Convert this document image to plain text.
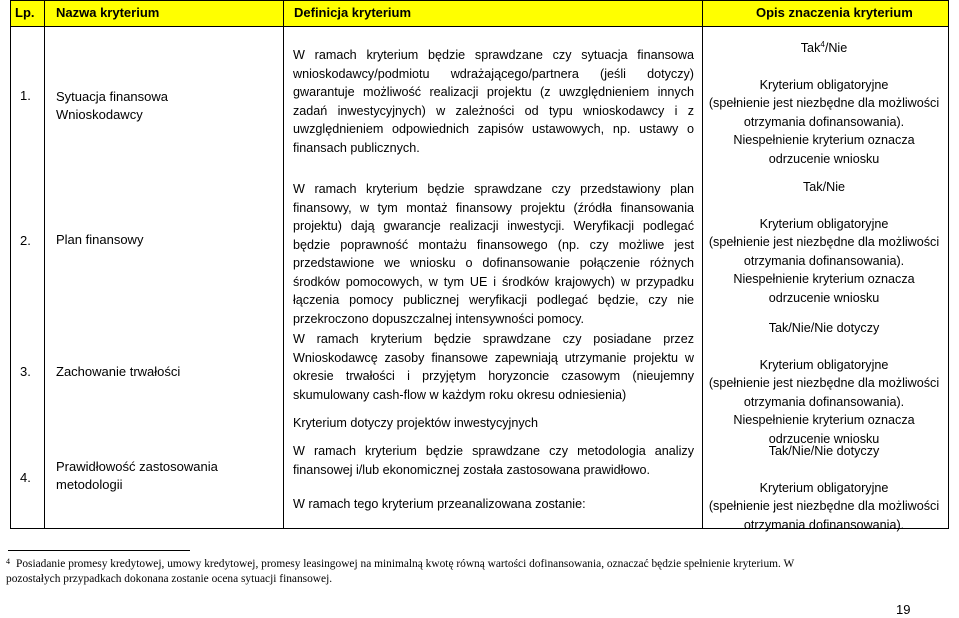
Lp. Nazwa kryterium	Definicja kryterium	Opis znaczenia kryterium
1. Sytuacja finansowa
Wnioskodawcy

W ramach kryterium będzie sprawdzane czy sytuacja finansowa

wnioskodawcy/podmiotu wdrażającego/partnera (jeśli dotyczy)

gwarantuje możliwość realizacji projektu (z uwzględnieniem innych

zadań inwestycyjnych) w zależności od typu wnioskodawcy i z

uwzględnieniem odpowiednich zapisów ustawowych, np. ustawy o

finansach publicznych.

Tak$^4$/Nie

Kryterium obligatoryjne

(spełnienie jest niezbędne dla możliwości

otrzymania dofinansowania).

Niespełnienie kryterium oznacza

odrzucenie wniosku

2. Plan finansowy

W ramach kryterium będzie sprawdzane czy przedstawiony plan

finansowy, w tym montaż finansowy projektu (źródła finansowania

projektu) dają gwarancje realizacji inwestycji. Weryfikacji podlegać

będzie poprawność montażu finansowego (np. czy możliwe jest

przedstawione we wniosku o dofinansowanie połączenie różnych

środków pomocowych, w tym UE i środków krajowych) w przypadku

łączenia pomocy publicznej weryfikacji podlegać będzie, czy nie

przekroczono dopuszczalnej intensywności pomocy.

Tak/Nie

Kryterium obligatoryjne

(spełnienie jest niezbędne dla możliwości

otrzymania dofinansowania).

Niespełnienie kryterium oznacza

odrzucenie wniosku

3. Zachowanie trwałości

W ramach kryterium będzie sprawdzane czy posiadane przez

Wnioskodawcę zasoby finansowe zapewniają utrzymanie projektu w

okresie trwałości i przyjętym horyzoncie czasowym (nieujemny

skumulowany cash-flow w każdym roku okresu odniesienia)

Kryterium dotyczy projektów inwestycyjnych

Tak/Nie/Nie dotyczy

Kryterium obligatoryjne

(spełnienie jest niezbędne dla możliwości

otrzymania dofinansowania).

Niespełnienie kryterium oznacza

odrzucenie wniosku

4.
Prawidłowość zastosowania
metodologii

W ramach kryterium będzie sprawdzane czy metodologia analizy

finansowej i/lub ekonomicznej została zastosowana prawidłowo.

W ramach tego kryterium przeanalizowana zostanie:

Tak/Nie/Nie dotyczy

Kryterium obligatoryjne

(spełnienie jest niezbędne dla możliwości

otrzymania dofinansowania).

$^4$ Posiadanie promesy kredytowej, umowy kredytowej, promesy leasingowej na minimalną kwotę równą wartości dofinansowania, oznaczać będzie spełnienie kryterium. W
pozostałych przypadkach dokonana zostanie ocena sytuacji finansowej.
19
